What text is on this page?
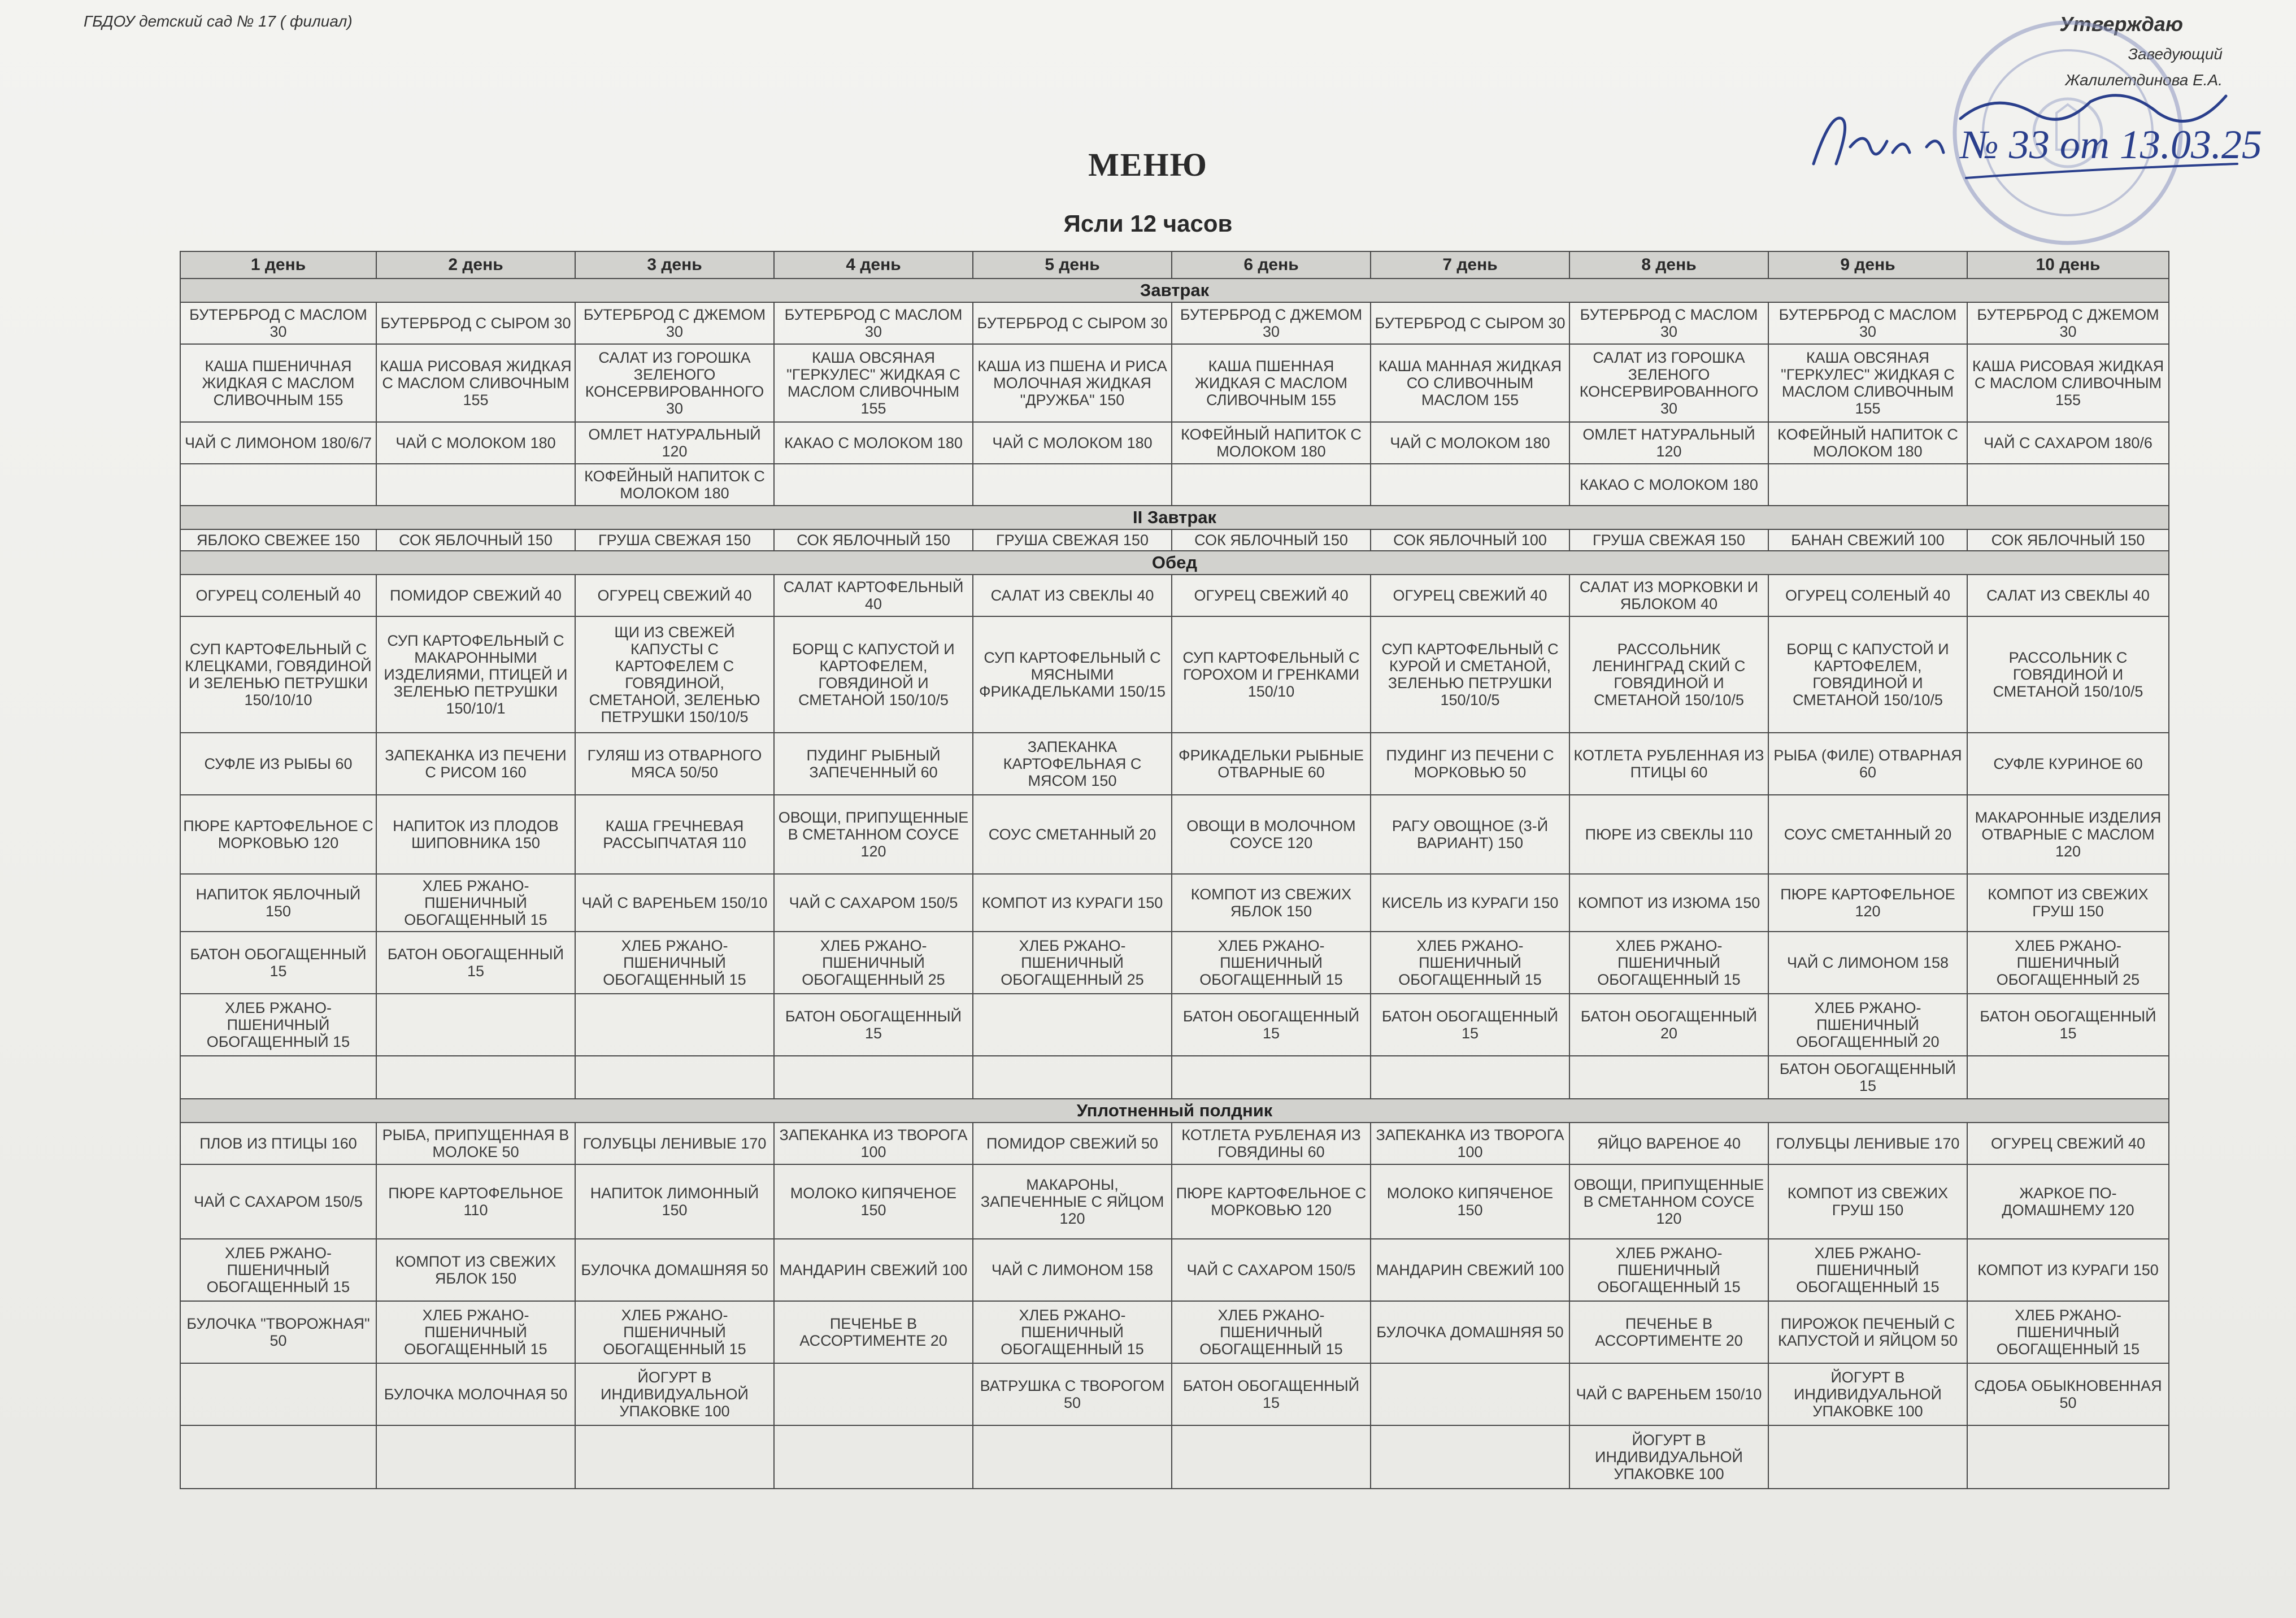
ГБДОУ детский сад № 17 ( филиал)	Утверждаю
Заведующий
Жалилетдинова Е.А.
№ 33 от 13.03.25
МЕНЮ
Ясли 12 часов
1 день	2 день	3 день	4 день	5 день	6 день	7 день	8 день	9 день	10 день
Завтрак									
БУТЕРБРОД С МАСЛОМ 30	БУТЕРБРОД С СЫРОМ 30	БУТЕРБРОД С ДЖЕМОМ 30	БУТЕРБРОД С МАСЛОМ 30	БУТЕРБРОД С СЫРОМ 30	БУТЕРБРОД С ДЖЕМОМ 30	БУТЕРБРОД С СЫРОМ 30	БУТЕРБРОД С МАСЛОМ 30	БУТЕРБРОД С МАСЛОМ 30	БУТЕРБРОД С ДЖЕМОМ 30
КАША ПШЕНИЧНАЯ ЖИДКАЯ С МАСЛОМ СЛИВОЧНЫМ 155	КАША РИСОВАЯ ЖИДКАЯ С МАСЛОМ СЛИВОЧНЫМ 155	САЛАТ ИЗ ГОРОШКА ЗЕЛЕНОГО КОНСЕРВИРОВАННОГО 30	КАША ОВСЯНАЯ "ГЕРКУЛЕС" ЖИДКАЯ С МАСЛОМ СЛИВОЧНЫМ 155	КАША ИЗ ПШЕНА И РИСА МОЛОЧНАЯ ЖИДКАЯ "ДРУЖБА" 150	КАША ПШЕННАЯ ЖИДКАЯ С МАСЛОМ СЛИВОЧНЫМ 155	КАША МАННАЯ ЖИДКАЯ СО СЛИВОЧНЫМ МАСЛОМ 155	САЛАТ ИЗ ГОРОШКА ЗЕЛЕНОГО КОНСЕРВИРОВАННОГО 30	КАША ОВСЯНАЯ "ГЕРКУЛЕС" ЖИДКАЯ С МАСЛОМ СЛИВОЧНЫМ 155	КАША РИСОВАЯ ЖИДКАЯ С МАСЛОМ СЛИВОЧНЫМ 155
ЧАЙ С ЛИМОНОМ 180/6/7	ЧАЙ С МОЛОКОМ 180	ОМЛЕТ НАТУРАЛЬНЫЙ 120	КАКАО С МОЛОКОМ 180	ЧАЙ С МОЛОКОМ 180	КОФЕЙНЫЙ НАПИТОК С МОЛОКОМ 180	ЧАЙ С МОЛОКОМ 180	ОМЛЕТ НАТУРАЛЬНЫЙ 120	КОФЕЙНЫЙ НАПИТОК С МОЛОКОМ 180	ЧАЙ С САХАРОМ 180/6
		КОФЕЙНЫЙ НАПИТОК С МОЛОКОМ 180					КАКАО С МОЛОКОМ 180		
II Завтрак									
ЯБЛОКО СВЕЖЕЕ 150	СОК ЯБЛОЧНЫЙ 150	ГРУША СВЕЖАЯ 150	СОК ЯБЛОЧНЫЙ 150	ГРУША СВЕЖАЯ 150	СОК ЯБЛОЧНЫЙ 150	СОК ЯБЛОЧНЫЙ 100	ГРУША СВЕЖАЯ 150	БАНАН СВЕЖИЙ 100	СОК ЯБЛОЧНЫЙ 150
Обед									
ОГУРЕЦ СОЛЕНЫЙ 40	ПОМИДОР СВЕЖИЙ 40	ОГУРЕЦ СВЕЖИЙ 40	САЛАТ КАРТОФЕЛЬНЫЙ 40	САЛАТ ИЗ СВЕКЛЫ 40	ОГУРЕЦ СВЕЖИЙ 40	ОГУРЕЦ СВЕЖИЙ 40	САЛАТ ИЗ МОРКОВКИ И ЯБЛОКОМ 40	ОГУРЕЦ СОЛЕНЫЙ 40	САЛАТ ИЗ СВЕКЛЫ 40
СУП КАРТОФЕЛЬНЫЙ С КЛЕЦКАМИ, ГОВЯДИНОЙ И ЗЕЛЕНЬЮ ПЕТРУШКИ 150/10/10	СУП КАРТОФЕЛЬНЫЙ С МАКАРОННЫМИ ИЗДЕЛИЯМИ, ПТИЦЕЙ И ЗЕЛЕНЬЮ ПЕТРУШКИ 150/10/1	ЩИ ИЗ СВЕЖЕЙ КАПУСТЫ С КАРТОФЕЛЕМ С ГОВЯДИНОЙ, СМЕТАНОЙ, ЗЕЛЕНЬЮ ПЕТРУШКИ 150/10/5	БОРЩ С КАПУСТОЙ И КАРТОФЕЛЕМ, ГОВЯДИНОЙ И СМЕТАНОЙ 150/10/5	СУП КАРТОФЕЛЬНЫЙ С МЯСНЫМИ ФРИКАДЕЛЬКАМИ 150/15	СУП КАРТОФЕЛЬНЫЙ С ГОРОХОМ И ГРЕНКАМИ 150/10	СУП КАРТОФЕЛЬНЫЙ С КУРОЙ И СМЕТАНОЙ, ЗЕЛЕНЬЮ ПЕТРУШКИ 150/10/5	РАССОЛЬНИК ЛЕНИНГРАД СКИЙ С ГОВЯДИНОЙ И СМЕТАНОЙ 150/10/5	БОРЩ С КАПУСТОЙ И КАРТОФЕЛЕМ, ГОВЯДИНОЙ И СМЕТАНОЙ 150/10/5	РАССОЛЬНИК С ГОВЯДИНОЙ И СМЕТАНОЙ 150/10/5
СУФЛЕ ИЗ РЫБЫ 60	ЗАПЕКАНКА ИЗ ПЕЧЕНИ С РИСОМ 160	ГУЛЯШ ИЗ ОТВАРНОГО МЯСА 50/50	ПУДИНГ РЫБНЫЙ ЗАПЕЧЕННЫЙ 60	ЗАПЕКАНКА КАРТОФЕЛЬНАЯ С МЯСОМ 150	ФРИКАДЕЛЬКИ РЫБНЫЕ ОТВАРНЫЕ 60	ПУДИНГ ИЗ ПЕЧЕНИ С МОРКОВЬЮ 50	КОТЛЕТА РУБЛЕННАЯ ИЗ ПТИЦЫ 60	РЫБА (ФИЛЕ) ОТВАРНАЯ 60	СУФЛЕ КУРИНОЕ 60
ПЮРЕ КАРТОФЕЛЬНОЕ С МОРКОВЬЮ 120	НАПИТОК ИЗ ПЛОДОВ ШИПОВНИКА 150	КАША ГРЕЧНЕВАЯ РАССЫПЧАТАЯ 110	ОВОЩИ, ПРИПУЩЕННЫЕ В СМЕТАННОМ СОУСЕ 120	СОУС СМЕТАННЫЙ 20	ОВОЩИ В МОЛОЧНОМ СОУСЕ 120	РАГУ ОВОЩНОЕ (3-Й ВАРИАНТ) 150	ПЮРЕ ИЗ СВЕКЛЫ 110	СОУС СМЕТАННЫЙ 20	МАКАРОННЫЕ ИЗДЕЛИЯ ОТВАРНЫЕ С МАСЛОМ 120
НАПИТОК ЯБЛОЧНЫЙ 150	ХЛЕБ РЖАНО-ПШЕНИЧНЫЙ ОБОГАЩЕННЫЙ 15	ЧАЙ С ВАРЕНЬЕМ 150/10	ЧАЙ С САХАРОМ 150/5	КОМПОТ ИЗ КУРАГИ 150	КОМПОТ ИЗ СВЕЖИХ ЯБЛОК 150	КИСЕЛЬ ИЗ КУРАГИ 150	КОМПОТ ИЗ ИЗЮМА 150	ПЮРЕ КАРТОФЕЛЬНОЕ 120	КОМПОТ ИЗ СВЕЖИХ ГРУШ 150
БАТОН ОБОГАЩЕННЫЙ 15	БАТОН ОБОГАЩЕННЫЙ 15	ХЛЕБ РЖАНО-ПШЕНИЧНЫЙ ОБОГАЩЕННЫЙ 15	ХЛЕБ РЖАНО-ПШЕНИЧНЫЙ ОБОГАЩЕННЫЙ 25	ХЛЕБ РЖАНО-ПШЕНИЧНЫЙ ОБОГАЩЕННЫЙ 25	ХЛЕБ РЖАНО-ПШЕНИЧНЫЙ ОБОГАЩЕННЫЙ 15	ХЛЕБ РЖАНО-ПШЕНИЧНЫЙ ОБОГАЩЕННЫЙ 15	ХЛЕБ РЖАНО-ПШЕНИЧНЫЙ ОБОГАЩЕННЫЙ 15	ЧАЙ С ЛИМОНОМ 158	ХЛЕБ РЖАНО-ПШЕНИЧНЫЙ ОБОГАЩЕННЫЙ 25
ХЛЕБ РЖАНО-ПШЕНИЧНЫЙ ОБОГАЩЕННЫЙ 15			БАТОН ОБОГАЩЕННЫЙ 15		БАТОН ОБОГАЩЕННЫЙ 15	БАТОН ОБОГАЩЕННЫЙ 15	БАТОН ОБОГАЩЕННЫЙ 20	ХЛЕБ РЖАНО-ПШЕНИЧНЫЙ ОБОГАЩЕННЫЙ 20	БАТОН ОБОГАЩЕННЫЙ 15
								БАТОН ОБОГАЩЕННЫЙ 15	
Уплотненный полдник									
ПЛОВ ИЗ ПТИЦЫ 160	РЫБА, ПРИПУЩЕННАЯ В МОЛОКЕ 50	ГОЛУБЦЫ ЛЕНИВЫЕ 170	ЗАПЕКАНКА ИЗ ТВОРОГА 100	ПОМИДОР СВЕЖИЙ 50	КОТЛЕТА РУБЛЕНАЯ ИЗ ГОВЯДИНЫ 60	ЗАПЕКАНКА ИЗ ТВОРОГА 100	ЯЙЦО ВАРЕНОЕ 40	ГОЛУБЦЫ ЛЕНИВЫЕ 170	ОГУРЕЦ СВЕЖИЙ 40
ЧАЙ С САХАРОМ 150/5	ПЮРЕ КАРТОФЕЛЬНОЕ 110	НАПИТОК ЛИМОННЫЙ 150	МОЛОКО КИПЯЧЕНОЕ 150	МАКАРОНЫ, ЗАПЕЧЕННЫЕ С ЯЙЦОМ 120	ПЮРЕ КАРТОФЕЛЬНОЕ С МОРКОВЬЮ 120	МОЛОКО КИПЯЧЕНОЕ 150	ОВОЩИ, ПРИПУЩЕННЫЕ В СМЕТАННОМ СОУСЕ 120	КОМПОТ ИЗ СВЕЖИХ ГРУШ 150	ЖАРКОЕ ПО-ДОМАШНЕМУ 120
ХЛЕБ РЖАНО-ПШЕНИЧНЫЙ ОБОГАЩЕННЫЙ 15	КОМПОТ ИЗ СВЕЖИХ ЯБЛОК 150	БУЛОЧКА ДОМАШНЯЯ 50	МАНДАРИН СВЕЖИЙ 100	ЧАЙ С ЛИМОНОМ 158	ЧАЙ С САХАРОМ 150/5	МАНДАРИН СВЕЖИЙ 100	ХЛЕБ РЖАНО-ПШЕНИЧНЫЙ ОБОГАЩЕННЫЙ 15	ХЛЕБ РЖАНО-ПШЕНИЧНЫЙ ОБОГАЩЕННЫЙ 15	КОМПОТ ИЗ КУРАГИ 150
БУЛОЧКА "ТВОРОЖНАЯ" 50	ХЛЕБ РЖАНО-ПШЕНИЧНЫЙ ОБОГАЩЕННЫЙ 15	ХЛЕБ РЖАНО-ПШЕНИЧНЫЙ ОБОГАЩЕННЫЙ 15	ПЕЧЕНЬЕ В АССОРТИМЕНТЕ 20	ХЛЕБ РЖАНО-ПШЕНИЧНЫЙ ОБОГАЩЕННЫЙ 15	ХЛЕБ РЖАНО-ПШЕНИЧНЫЙ ОБОГАЩЕННЫЙ 15	БУЛОЧКА ДОМАШНЯЯ 50	ПЕЧЕНЬЕ В АССОРТИМЕНТЕ 20	ПИРОЖОК ПЕЧЕНЫЙ С КАПУСТОЙ И ЯЙЦОМ 50	ХЛЕБ РЖАНО-ПШЕНИЧНЫЙ ОБОГАЩЕННЫЙ 15
	БУЛОЧКА МОЛОЧНАЯ 50	ЙОГУРТ В ИНДИВИДУАЛЬНОЙ УПАКОВКЕ 100		ВАТРУШКА С ТВОРОГОМ 50	БАТОН ОБОГАЩЕННЫЙ 15		ЧАЙ С ВАРЕНЬЕМ 150/10	ЙОГУРТ В ИНДИВИДУАЛЬНОЙ УПАКОВКЕ 100	СДОБА ОБЫКНОВЕННАЯ 50
							ЙОГУРТ В ИНДИВИДУАЛЬНОЙ УПАКОВКЕ 100		
